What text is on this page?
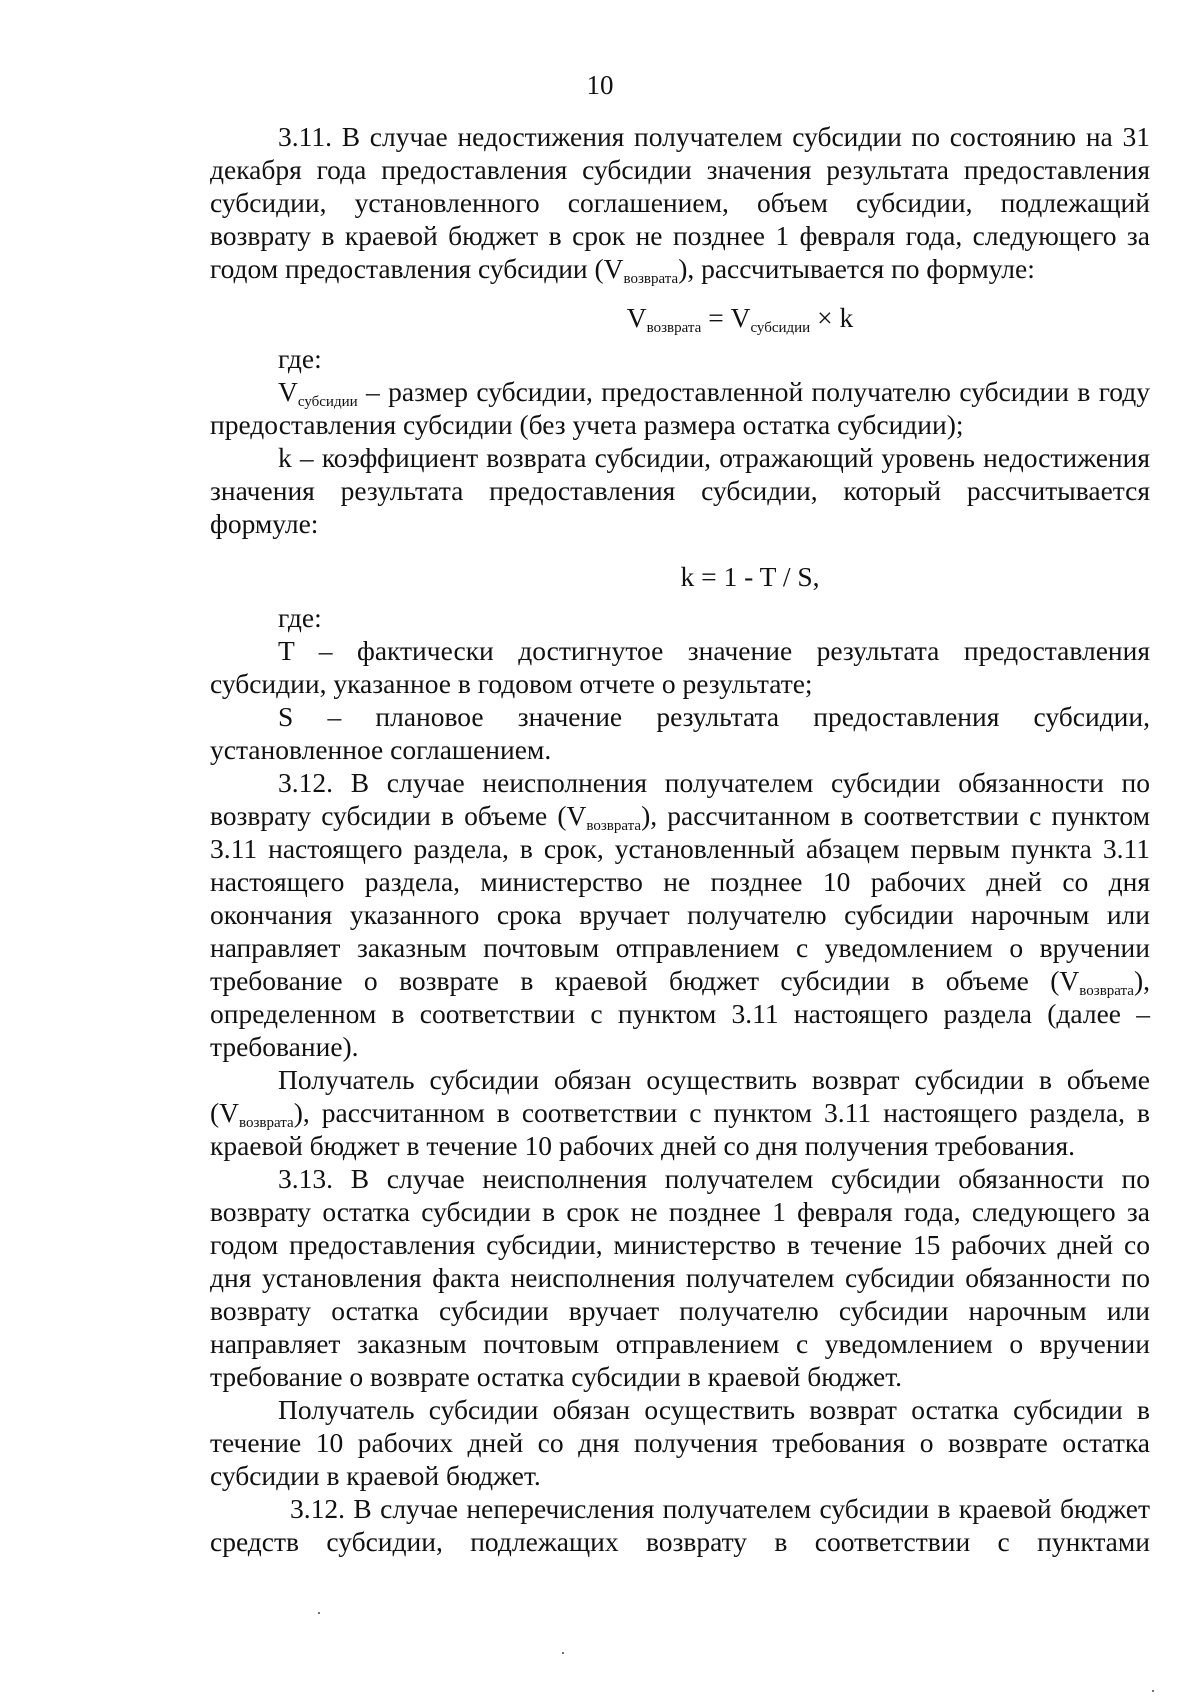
10

3.11. В случае недостижения получателем субсидии по состоянию на 31 декабря года предоставления субсидии значения результата предоставления субсидии, установленного соглашением, объем субсидии, подлежащий возврату в краевой бюджет в срок не позднее 1 февраля года, следующего за годом предоставления субсидии $(V_{возврата})$, рассчитывается по формуле:

$V_{возврата} = V_{субсидии} \times k$

где:

$V_{субсидии}$ – размер субсидии, предоставленной получателю субсидии в году предоставления субсидии (без учета размера остатка субсидии);

k – коэффициент возврата субсидии, отражающий уровень недостижения значения результата предоставления субсидии, который рассчитывается формуле:

k = 1 - T / S,

где:

T – фактически достигнутое значение результата предоставления субсидии, указанное в годовом отчете о результате;

S – плановое значение результата предоставления субсидии, установленное соглашением.

3.12. В случае неисполнения получателем субсидии обязанности по возврату субсидии в объеме $(V_{возврата})$, рассчитанном в соответствии с пунктом 3.11 настоящего раздела, в срок, установленный абзацем первым пункта 3.11 настоящего раздела, министерство не позднее 10 рабочих дней со дня окончания указанного срока вручает получателю субсидии нарочным или направляет заказным почтовым отправлением с уведомлением о вручении требование о возврате в краевой бюджет субсидии в объеме $(V_{возврата})$, определенном в соответствии с пунктом 3.11 настоящего раздела (далее – требование).

Получатель субсидии обязан осуществить возврат субсидии в объеме $(V_{возврата})$, рассчитанном в соответствии с пунктом 3.11 настоящего раздела, в краевой бюджет в течение 10 рабочих дней со дня получения требования.

3.13. В случае неисполнения получателем субсидии обязанности по возврату остатка субсидии в срок не позднее 1 февраля года, следующего за годом предоставления субсидии, министерство в течение 15 рабочих дней со дня установления факта неисполнения получателем субсидии обязанности по возврату остатка субсидии вручает получателю субсидии нарочным или направляет заказным почтовым отправлением с уведомлением о вручении требование о возврате остатка субсидии в краевой бюджет.

Получатель субсидии обязан осуществить возврат остатка субсидии в течение 10 рабочих дней со дня получения требования о возврате остатка субсидии в краевой бюджет.

3.12. В случае неперечисления получателем субсидии в краевой бюджет средств субсидии, подлежащих возврату в соответствии с пунктами
